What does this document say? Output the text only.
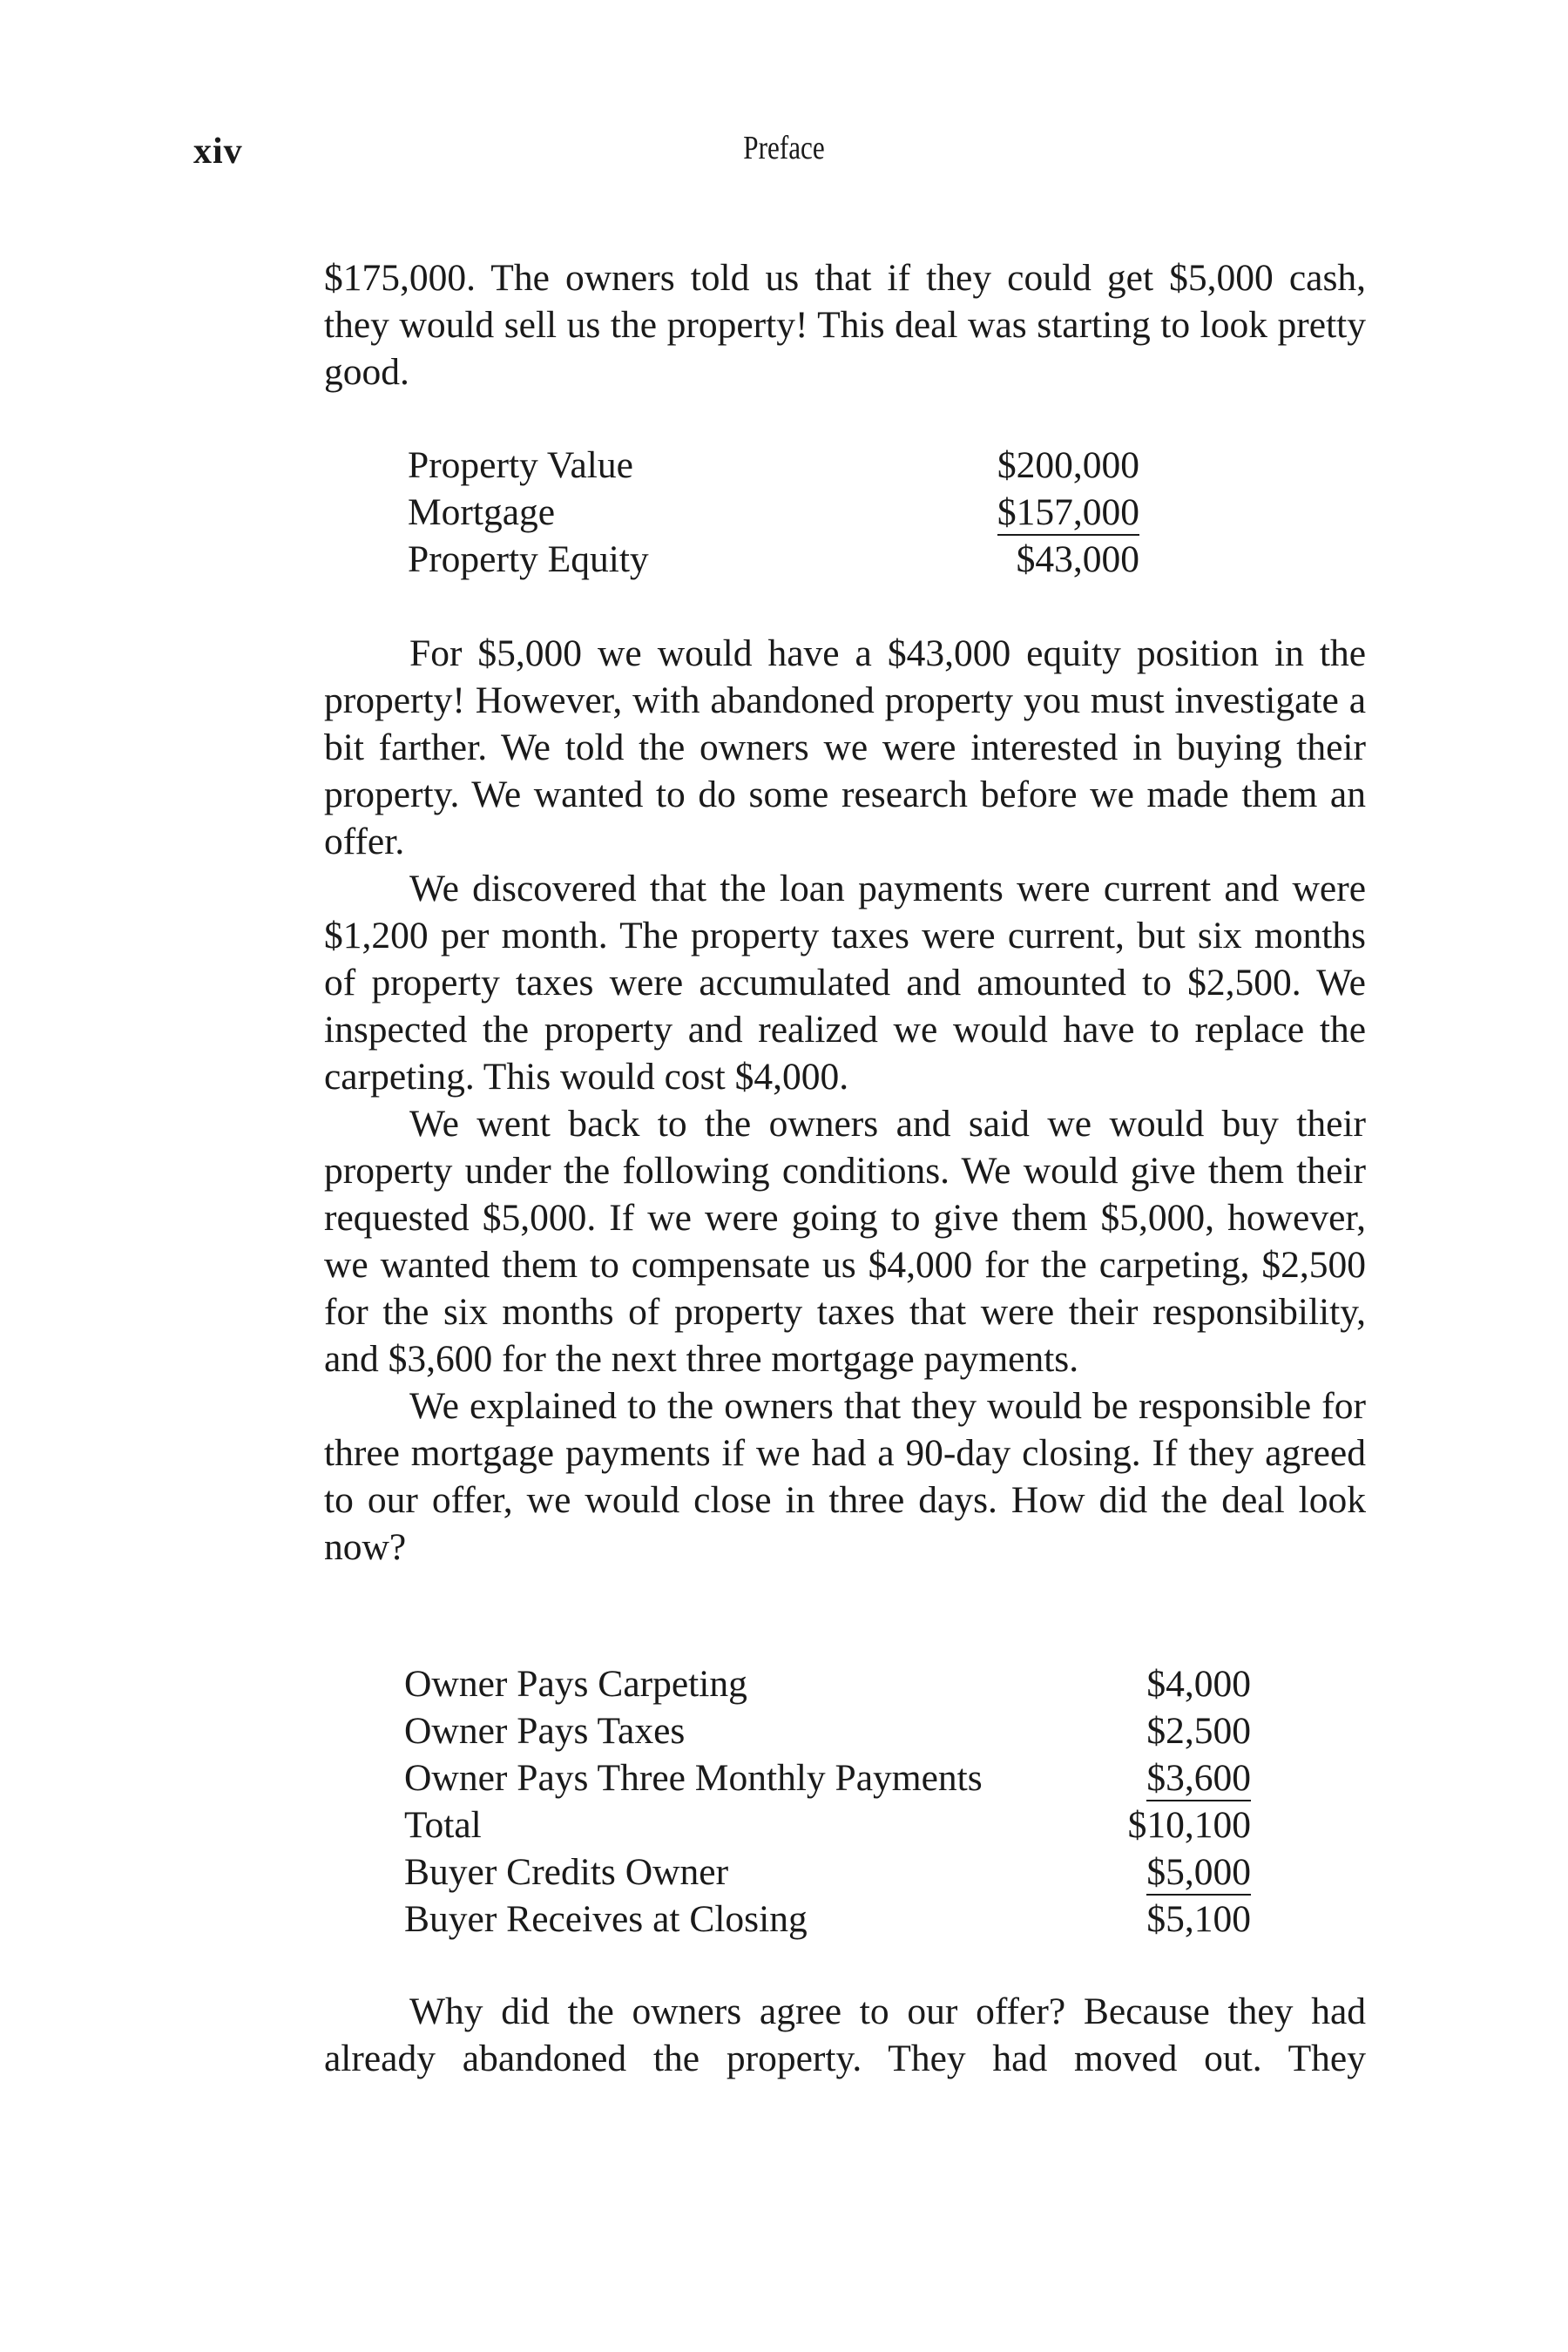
xiv	Preface

$175,000. The owners told us that if they could get $5,000 cash, they would sell us the property! This deal was starting to look pretty good.

Property Value	$200,000
Mortgage	$157,000
Property Equity	$43,000

For $5,000 we would have a $43,000 equity position in the property! However, with abandoned property you must investigate a bit farther. We told the owners we were interested in buying their property. We wanted to do some research before we made them an offer.

We discovered that the loan payments were current and were $1,200 per month. The property taxes were current, but six months of property taxes were accumulated and amounted to $2,500. We inspected the property and realized we would have to replace the carpeting. This would cost $4,000.

We went back to the owners and said we would buy their property under the following conditions. We would give them their requested $5,000. If we were going to give them $5,000, however, we wanted them to compensate us $4,000 for the carpeting, $2,500 for the six months of property taxes that were their responsibility, and $3,600 for the next three mortgage payments.

We explained to the owners that they would be responsible for three mortgage payments if we had a 90-day closing. If they agreed to our offer, we would close in three days. How did the deal look now?

Owner Pays Carpeting	$4,000
Owner Pays Taxes	$2,500
Owner Pays Three Monthly Payments	$3,600
Total	$10,100
Buyer Credits Owner	$5,000
Buyer Receives at Closing	$5,100

Why did the owners agree to our offer? Because they had already abandoned the property. They had moved out. They
